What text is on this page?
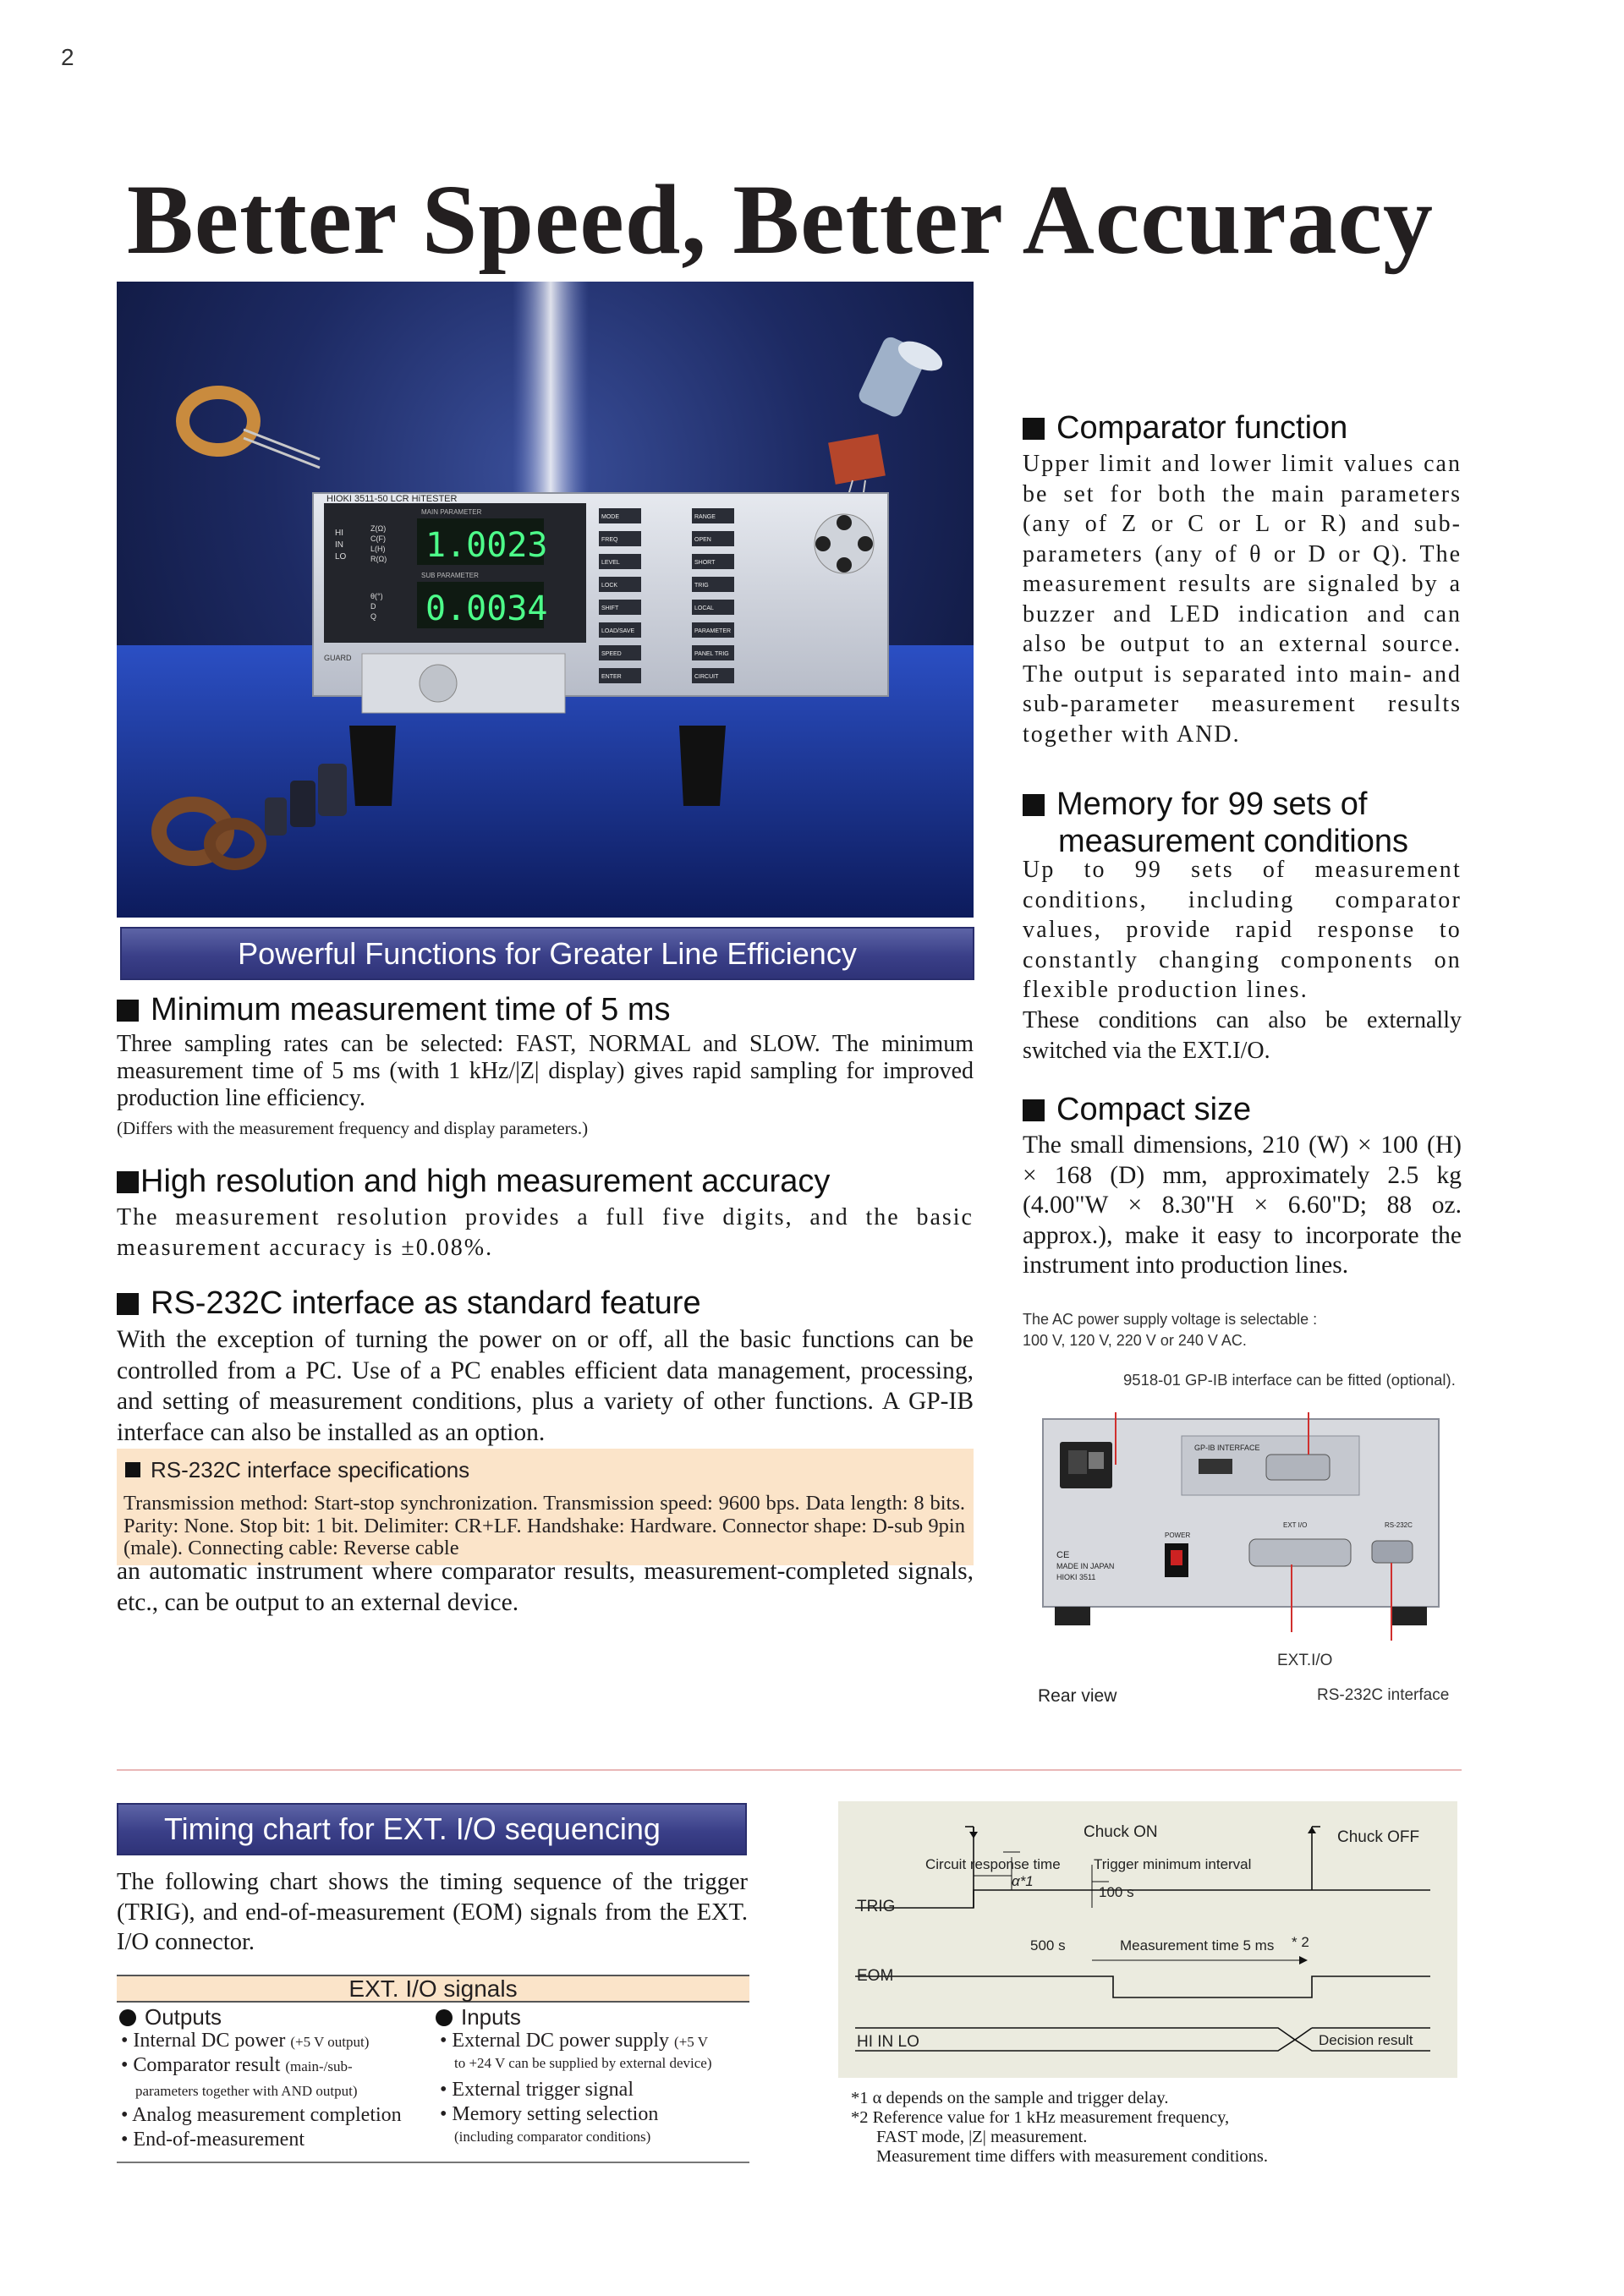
2
Better Speed, Better Accuracy
HIOKI 3511-50 LCR HiTESTER
MAIN PARAMETER
SUB PARAMETER
1.0023
0.0034
HI
IN
LO
Z(Ω)
C(F)
L(H)
R(Ω)
θ(°)
D
Q
GUARD
MODE
FREQ
LEVEL
LOCK
SHIFT
LOAD/SAVE
SPEED
ENTER
RANGE
OPEN
SHORT
TRIG
LOCAL
PARAMETER
PANEL TRIG
CIRCUIT
Powerful Functions for Greater Line Efficiency
Minimum measurement time of 5 ms
Three sampling rates can be selected: FAST, NORMAL and SLOW. The minimum measurement time of 5 ms (with 1 kHz/|Z| display) gives rapid sampling for improved production line efficiency.
(Differs with the measurement frequency and display parameters.)
High resolution and high measurement accuracy
The measurement resolution provides a full five digits, and the basic measurement accuracy is ±0.08%.
RS-232C interface as standard feature
With the exception of turning the power on or off, all the basic functions can be controlled from a PC. Use of a PC enables efficient data management, processing, and setting of measurement conditions, plus a variety of other functions. A GP-IB interface can also be installed as an option.
RS-232C interface specifications
Transmission method: Start-stop synchronization. Transmission speed: 9600 bps. Data length: 8 bits. Parity: None. Stop bit: 1 bit. Delimiter: CR+LF. Handshake: Hardware. Connector shape: D-sub 9pin (male). Connecting cable: Reverse cable
an automatic instrument where comparator results, measurement-completed signals, etc., can be output to an external device.
Comparator function
Upper limit and lower limit values can be set for both the main parameters (any of Z or C or L or R) and sub-parameters (any of θ or D or Q). The measurement results are signaled by a buzzer and LED indication and can also be output to an external source. The output is separated into main- and sub-parameter measurement results together with AND.
Memory for 99 sets of
measurement conditions
Up to 99 sets of measurement conditions, including comparator values, provide rapid response to constantly changing components on flexible production lines.
These conditions can also be externally switched via the EXT.I/O.
Compact size
The small dimensions, 210 (W) × 100 (H) × 168 (D) mm, approximately 2.5 kg (4.00"W × 8.30"H × 6.60"D; 88 oz. approx.), make it easy to incorporate the instrument into production lines.
The AC power supply voltage is selectable :
100 V, 120 V, 220 V or 240 V AC.
9518-01 GP-IB interface can be fitted (optional).
GP-IB INTERFACE
POWER
EXT I/O	RS-232C
HIOKI 3511
MADE IN JAPAN
CE
EXT.I/O
Rear view	RS-232C interface
Timing chart for EXT. I/O sequencing
The following chart shows the timing sequence of the trigger (TRIG), and end-of-measurement (EOM) signals from the EXT. I/O connector.
EXT. I/O signals
Outputs	Inputs
• Internal DC power (+5 V output)
• Comparator result (main-/sub-
parameters together with AND output)
• Analog measurement completion
• End-of-measurement
• External DC power supply (+5 V
to +24 V can be supplied by external device)
• External trigger signal
• Memory setting selection
(including comparator conditions)
Chuck ON	Chuck OFF
Circuit response time
α*1
Trigger minimum interval
100 s
TRIG
500 s	Measurement time 5 ms * 2
EOM
HI IN LO	Decision result
*1 α depends on the sample and trigger delay.
*2 Reference value for 1 kHz measurement frequency,
FAST mode, |Z| measurement.
Measurement time differs with measurement conditions.
